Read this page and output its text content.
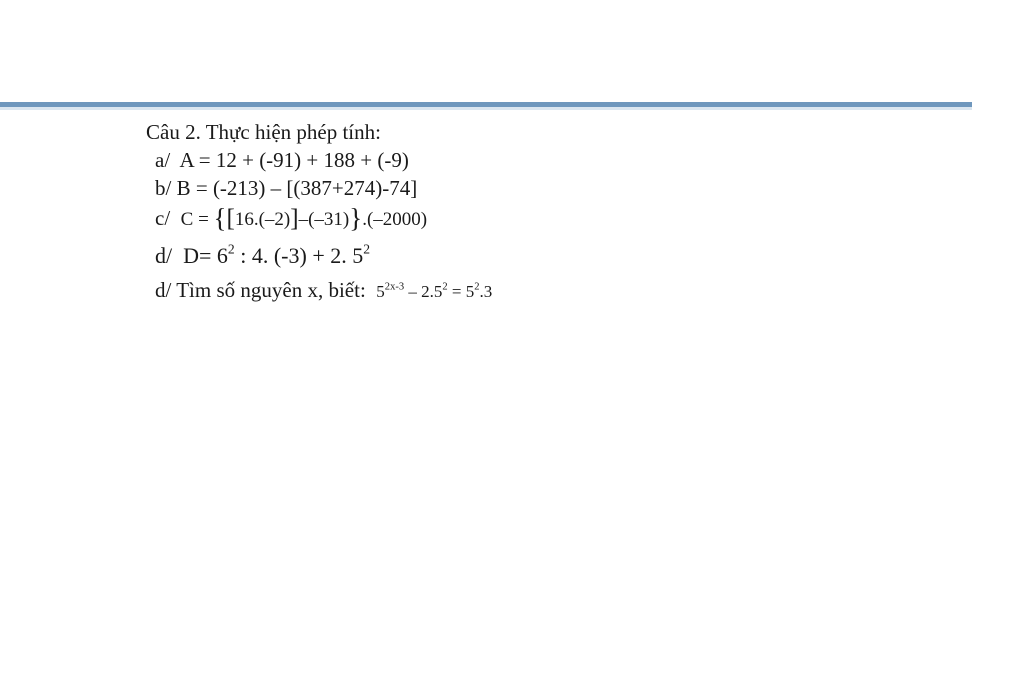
Câu 2. Thực hiện phép tính:
a/ A = 12 + (-91) + 188 + (-9)
b/ B = (-213) – [(387+274)-74]
c/ C = {[16.(–2)]–(–31)}.(–2000)
d/ $D= 6^2$ : 4. (-3) + 2. $5^2$
d/ Tìm số nguyên x, biết:  $5^{2x-3} - 2.5^2 = 5^2.3$
